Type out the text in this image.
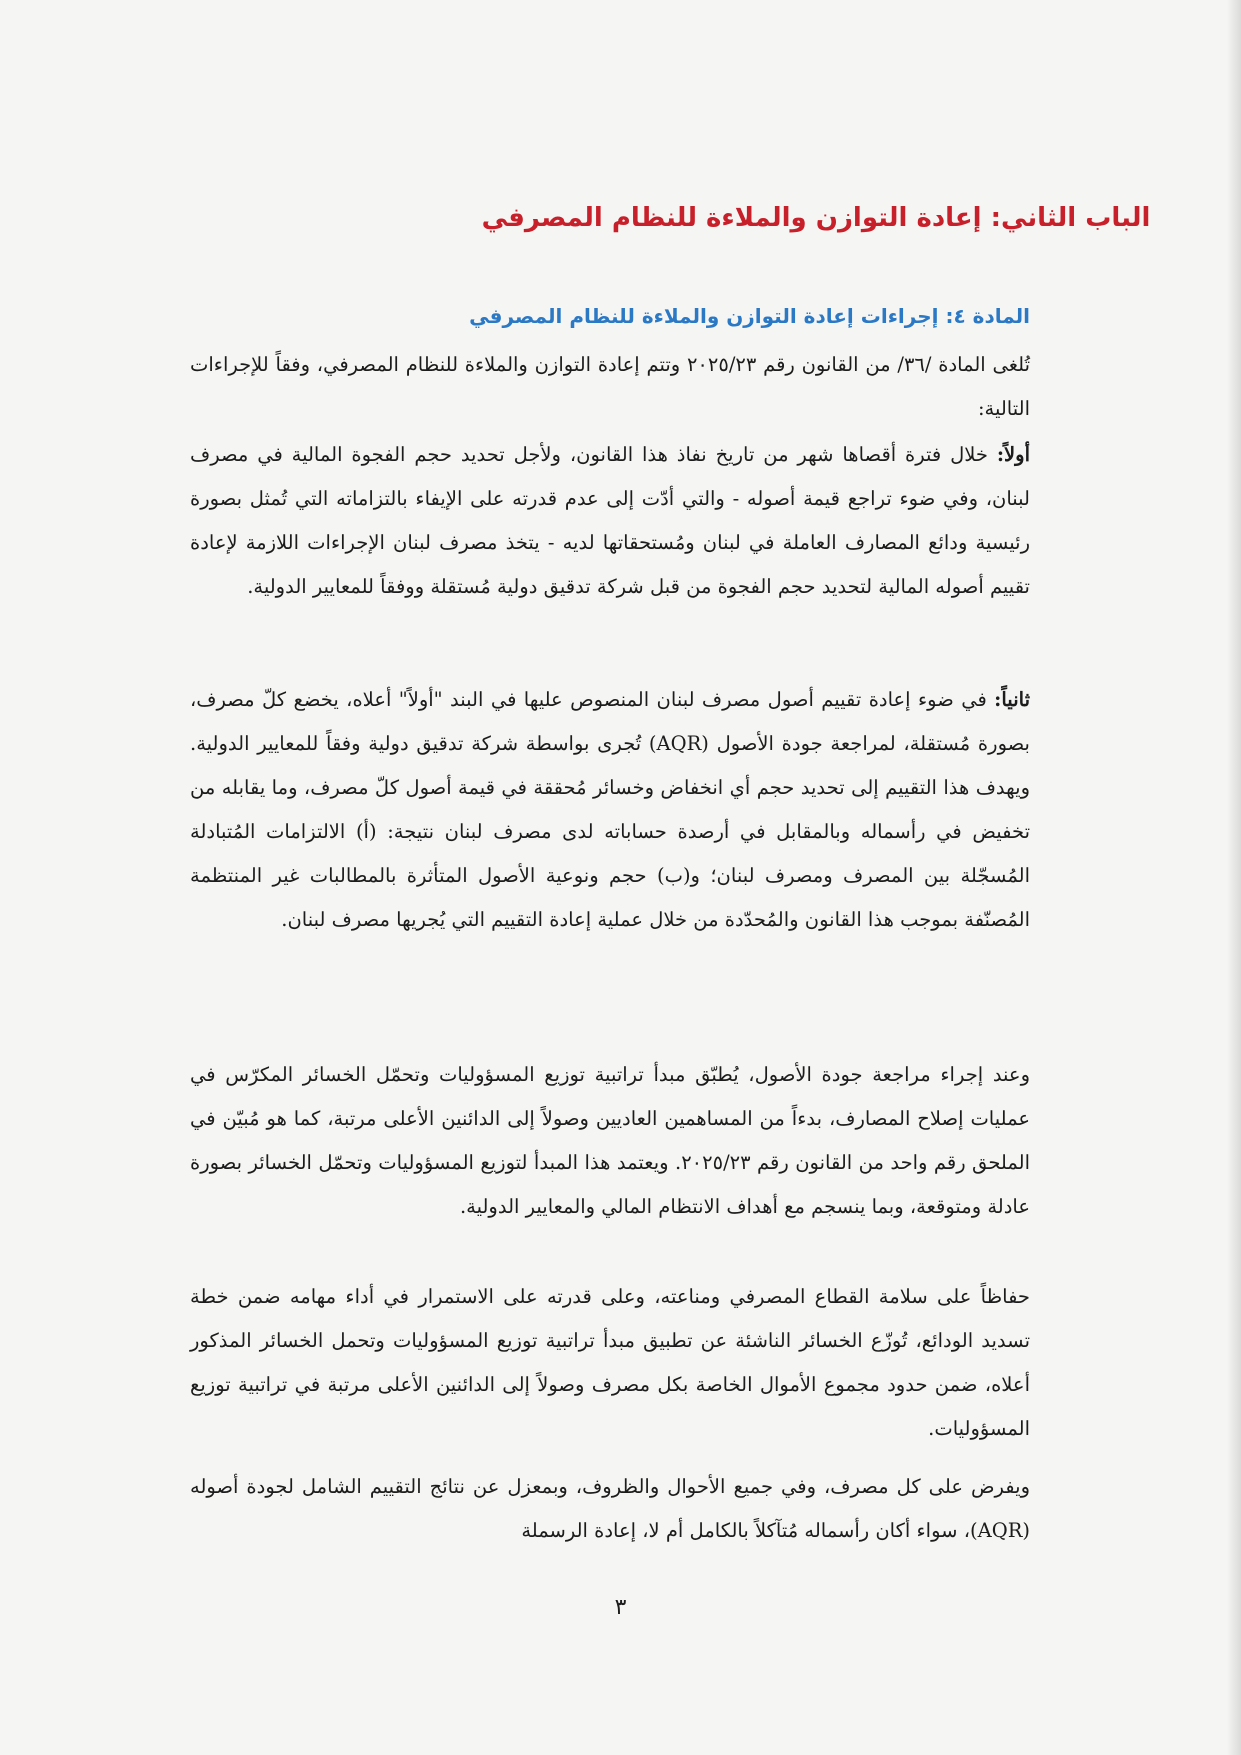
الباب الثاني: إعادة التوازن والملاءة للنظام المصرفي
المادة ٤: إجراءات إعادة التوازن والملاءة للنظام المصرفي
تُلغى المادة /٣٦/ من القانون رقم ٢٠٢٥/٢٣ وتتم إعادة التوازن والملاءة للنظام المصرفي، وفقاً للإجراءات التالية:
أولاً: خلال فترة أقصاها شهر من تاريخ نفاذ هذا القانون، ولأجل تحديد حجم الفجوة المالية في مصرف لبنان، وفي ضوء تراجع قيمة أصوله - والتي أدّت إلى عدم قدرته على الإيفاء بالتزاماته التي تُمثل بصورة رئيسية ودائع المصارف العاملة في لبنان ومُستحقاتها لديه - يتخذ مصرف لبنان الإجراءات اللازمة لإعادة تقييم أصوله المالية لتحديد حجم الفجوة من قبل شركة تدقيق دولية مُستقلة ووفقاً للمعايير الدولية.
ثانياً: في ضوء إعادة تقييم أصول مصرف لبنان المنصوص عليها في البند "أولاً" أعلاه، يخضع كلّ مصرف، بصورة مُستقلة، لمراجعة جودة الأصول (AQR) تُجرى بواسطة شركة تدقيق دولية وفقاً للمعايير الدولية. ويهدف هذا التقييم إلى تحديد حجم أي انخفاض وخسائر مُحققة في قيمة أصول كلّ مصرف، وما يقابله من تخفيض في رأسماله وبالمقابل في أرصدة حساباته لدى مصرف لبنان نتيجة: (أ) الالتزامات المُتبادلة المُسجّلة بين المصرف ومصرف لبنان؛ و(ب) حجم ونوعية الأصول المتأثرة بالمطالبات غير المنتظمة المُصنّفة بموجب هذا القانون والمُحدّدة من خلال عملية إعادة التقييم التي يُجريها مصرف لبنان.
وعند إجراء مراجعة جودة الأصول، يُطبّق مبدأ تراتبية توزيع المسؤوليات وتحمّل الخسائر المكرّس في عمليات إصلاح المصارف، بدءاً من المساهمين العاديين وصولاً إلى الدائنين الأعلى مرتبة، كما هو مُبيّن في الملحق رقم واحد من القانون رقم ٢٠٢٥/٢٣. ويعتمد هذا المبدأ لتوزيع المسؤوليات وتحمّل الخسائر بصورة عادلة ومتوقعة، وبما ينسجم مع أهداف الانتظام المالي والمعايير الدولية.
حفاظاً على سلامة القطاع المصرفي ومناعته، وعلى قدرته على الاستمرار في أداء مهامه ضمن خطة تسديد الودائع، تُوزّع الخسائر الناشئة عن تطبيق مبدأ تراتبية توزيع المسؤوليات وتحمل الخسائر المذكور أعلاه، ضمن حدود مجموع الأموال الخاصة بكل مصرف وصولاً إلى الدائنين الأعلى مرتبة في تراتبية توزيع المسؤوليات.
ويفرض على كل مصرف، وفي جميع الأحوال والظروف، وبمعزل عن نتائج التقييم الشامل لجودة أصوله (AQR)، سواء أكان رأسماله مُتآكلاً بالكامل أم لا، إعادة الرسملة
٣
